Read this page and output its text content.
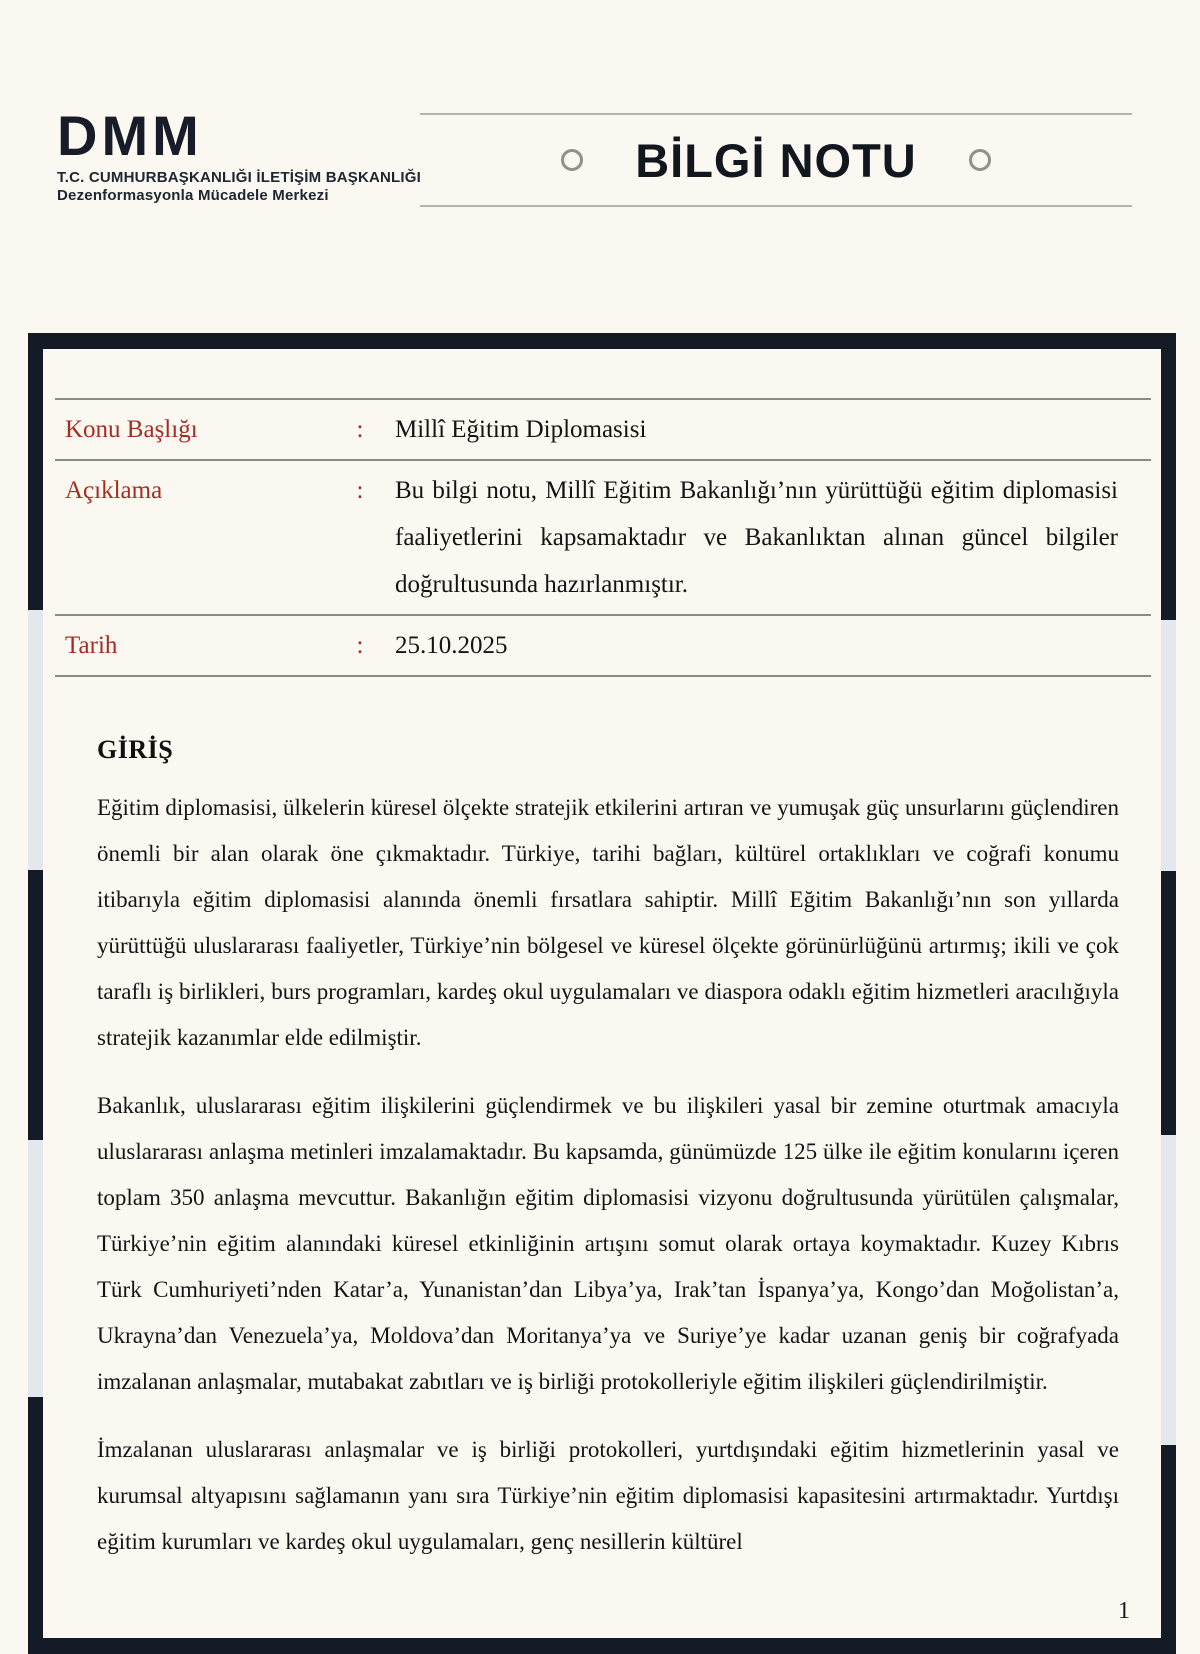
DMM
T.C. CUMHURBAŞKANLIĞI İLETİŞİM BAŞKANLIĞI
Dezenformasyonla Mücadele Merkezi
BİLGİ NOTU
Konu Başlığı	:	Millî Eğitim Diplomasisi
Açıklama	:	Bu bilgi notu, Millî Eğitim Bakanlığı’nın yürüttüğü eğitim diplomasisi faaliyetlerini kapsamaktadır ve Bakanlıktan alınan güncel bilgiler doğrultusunda hazırlanmıştır.
Tarih	:	25.10.2025
GİRİŞ

Eğitim diplomasisi, ülkelerin küresel ölçekte stratejik etkilerini artıran ve yumuşak güç unsurlarını güçlendiren önemli bir alan olarak öne çıkmaktadır. Türkiye, tarihi bağları, kültürel ortaklıkları ve coğrafi konumu itibarıyla eğitim diplomasisi alanında önemli fırsatlara sahiptir. Millî Eğitim Bakanlığı’nın son yıllarda yürüttüğü uluslararası faaliyetler, Türkiye’nin bölgesel ve küresel ölçekte görünürlüğünü artırmış; ikili ve çok taraflı iş birlikleri, burs programları, kardeş okul uygulamaları ve diaspora odaklı eğitim hizmetleri aracılığıyla stratejik kazanımlar elde edilmiştir.

Bakanlık, uluslararası eğitim ilişkilerini güçlendirmek ve bu ilişkileri yasal bir zemine oturtmak amacıyla uluslararası anlaşma metinleri imzalamaktadır. Bu kapsamda, günümüzde 125 ülke ile eğitim konularını içeren toplam 350 anlaşma mevcuttur. Bakanlığın eğitim diplomasisi vizyonu doğrultusunda yürütülen çalışmalar, Türkiye’nin eğitim alanındaki küresel etkinliğinin artışını somut olarak ortaya koymaktadır. Kuzey Kıbrıs Türk Cumhuriyeti’nden Katar’a, Yunanistan’dan Libya’ya, Irak’tan İspanya’ya, Kongo’dan Moğolistan’a, Ukrayna’dan Venezuela’ya, Moldova’dan Moritanya’ya ve Suriye’ye kadar uzanan geniş bir coğrafyada imzalanan anlaşmalar, mutabakat zabıtları ve iş birliği protokolleriyle eğitim ilişkileri güçlendirilmiştir.

İmzalanan uluslararası anlaşmalar ve iş birliği protokolleri, yurtdışındaki eğitim hizmetlerinin yasal ve kurumsal altyapısını sağlamanın yanı sıra Türkiye’nin eğitim diplomasisi kapasitesini artırmaktadır. Yurtdışı eğitim kurumları ve kardeş okul uygulamaları, genç nesillerin kültürel

1
